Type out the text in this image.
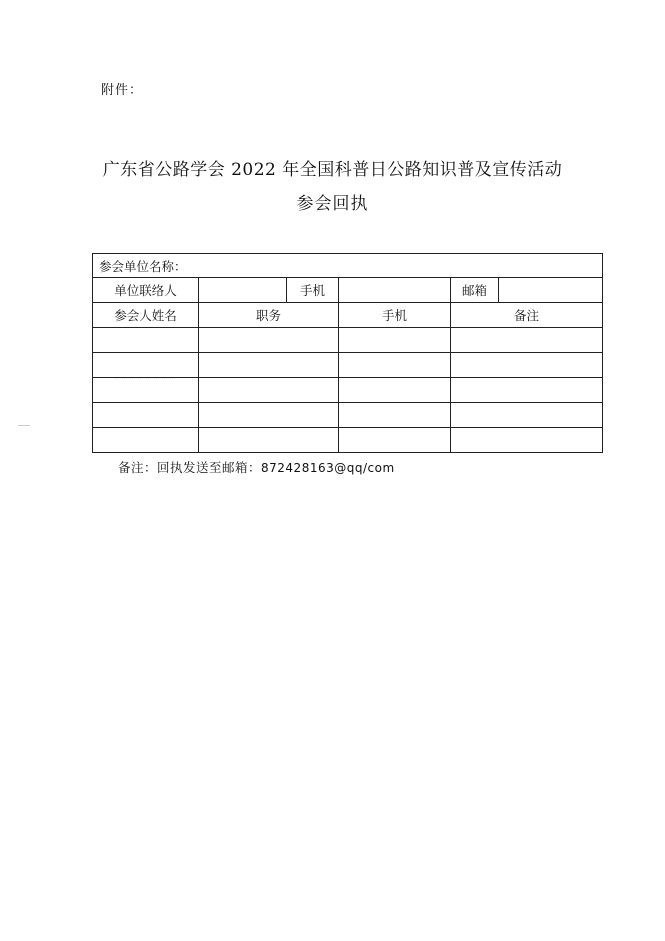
附件：
广东省公路学会 2022 年全国科普日公路知识普及宣传活动
参会回执
参会单位名称：					
单位联络人		手机		邮箱	
参会人姓名	职务		手机	备注	

备注：回执发送至邮箱：872428163@qq/com
